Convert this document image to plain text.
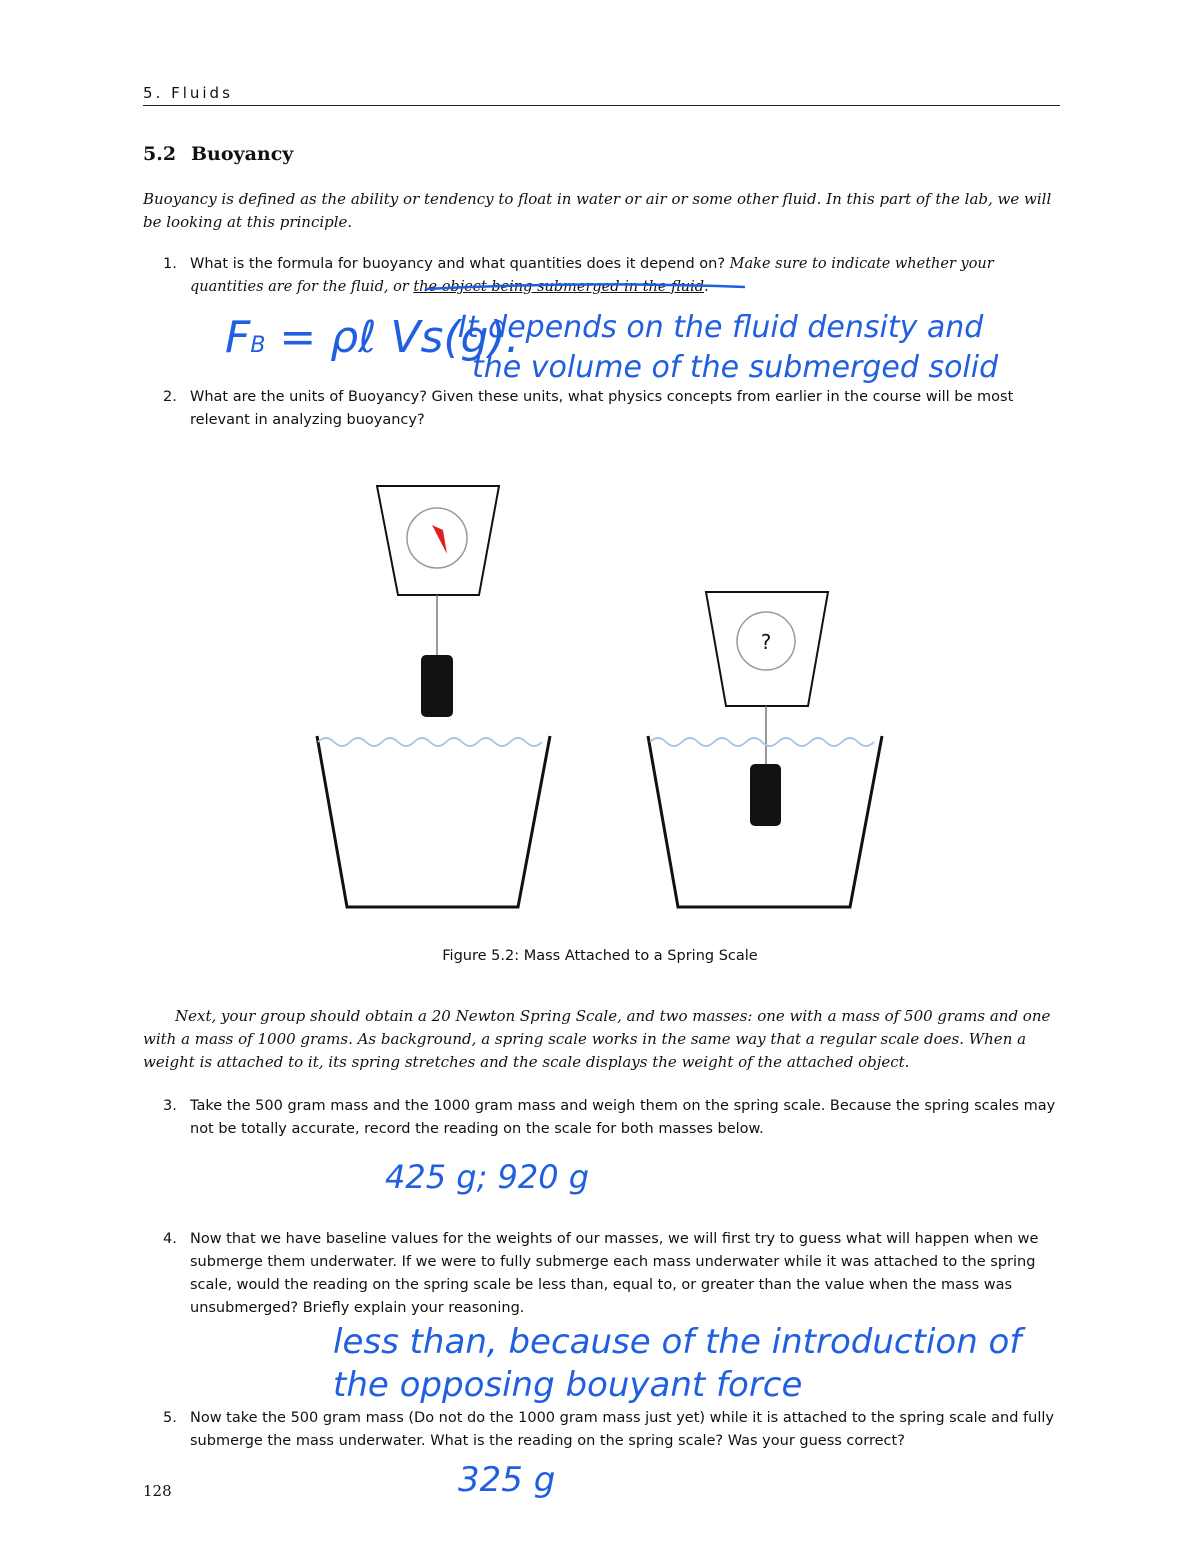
5. Fluids
5.2 Buoyancy
Buoyancy is defined as the ability or tendency to float in water or air or some other fluid. In this part of the lab, we will be looking at this principle.
1. What is the formula for buoyancy and what quantities does it depend on? Make sure to indicate whether your quantities are for the fluid, or the object being submerged in the fluid.
FB = ρℓ Vs(g).
It depends on the fluid density and
the volume of the submerged solid
2. What are the units of Buoyancy? Given these units, what physics concepts from earlier in the course will be most relevant in analyzing buoyancy?
?
Figure 5.2: Mass Attached to a Spring Scale
Next, your group should obtain a 20 Newton Spring Scale, and two masses: one with a mass of 500 grams and one with a mass of 1000 grams. As background, a spring scale works in the same way that a regular scale does. When a weight is attached to it, its spring stretches and the scale displays the weight of the attached object.
3. Take the 500 gram mass and the 1000 gram mass and weigh them on the spring scale. Because the spring scales may not be totally accurate, record the reading on the scale for both masses below.
425 g; 920 g
4. Now that we have baseline values for the weights of our masses, we will first try to guess what will happen when we submerge them underwater. If we were to fully submerge each mass underwater while it was attached to the spring scale, would the reading on the spring scale be less than, equal to, or greater than the value when the mass was unsubmerged? Briefly explain your reasoning.
less than, because of the introduction of
the opposing bouyant force
5. Now take the 500 gram mass (Do not do the 1000 gram mass just yet) while it is attached to the spring scale and fully submerge the mass underwater. What is the reading on the spring scale? Was your guess correct?
325 g
128
